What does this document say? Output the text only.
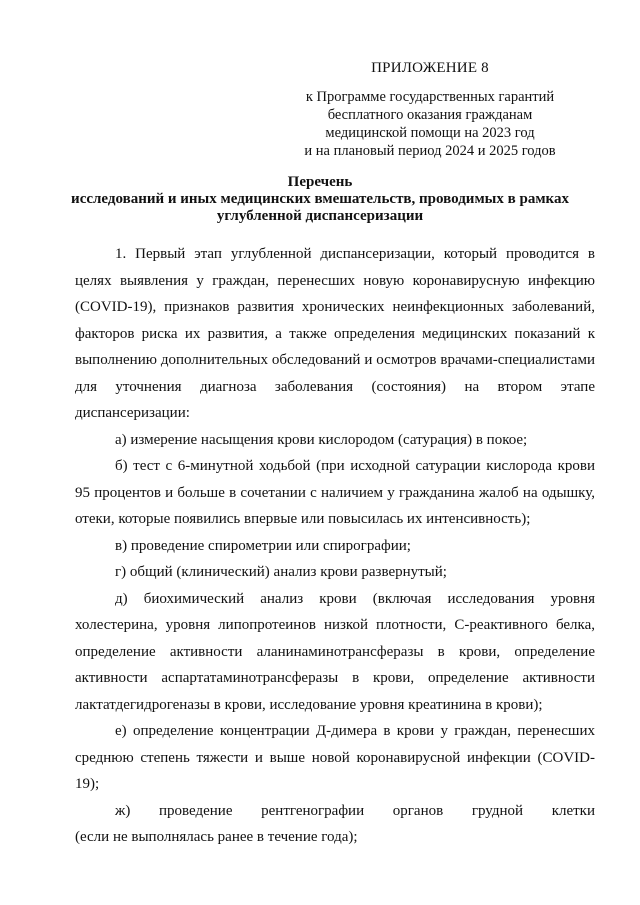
ПРИЛОЖЕНИЕ 8
к Программе государственных гарантий
бесплатного оказания гражданам
медицинской помощи на 2023 год
и на плановый период 2024 и 2025 годов
Перечень
исследований и иных медицинских вмешательств, проводимых в рамках
углубленной диспансеризации

1. Первый этап углубленной диспансеризации, который проводится в целях выявления у граждан, перенесших новую коронавирусную инфекцию (COVID-19), признаков развития хронических неинфекционных заболеваний, факторов риска их развития, а также определения медицинских показаний к выполнению дополнительных обследований и осмотров врачами-специалистами для уточнения диагноза заболевания (состояния) на втором этапе диспансеризации:

а) измерение насыщения крови кислородом (сатурация) в покое;

б) тест с 6-минутной ходьбой (при исходной сатурации кислорода крови 95 процентов и больше в сочетании с наличием у гражданина жалоб на одышку, отеки, которые появились впервые или повысилась их интенсивность);

в) проведение спирометрии или спирографии;

г) общий (клинический) анализ крови развернутый;

д) биохимический анализ крови (включая исследования уровня холестерина, уровня липопротеинов низкой плотности, С-реактивного белка, определение активности аланинаминотрансферазы в крови, определение активности аспартатаминотрансферазы в крови, определение активности лактатдегидрогеназы в крови, исследование уровня креатинина в крови);

е) определение концентрации Д-димера в крови у граждан, перенесших среднюю степень тяжести и выше новой коронавирусной инфекции (COVID-19);

ж) проведение рентгенографии органов грудной клетки

(если не выполнялась ранее в течение года);
